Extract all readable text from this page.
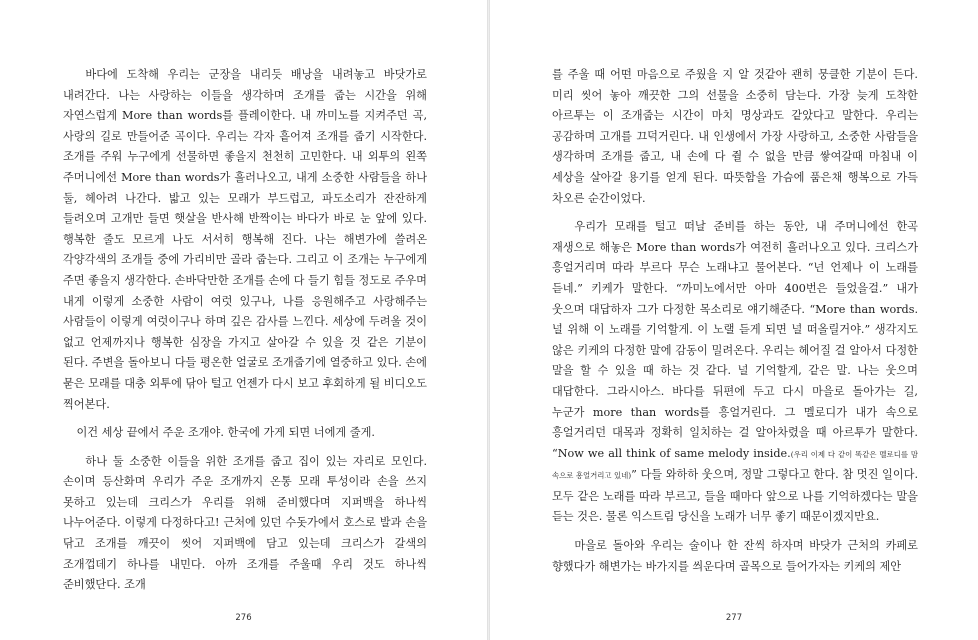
바다에 도착해 우리는 군장을 내리듯 배낭을 내려놓고 바닷가로 내려간다. 나는 사랑하는 이들을 생각하며 조개를 줍는 시간을 위해 자연스럽게 More than words를 플레이한다. 내 까미노를 지켜주던 곡, 사랑의 길로 만들어준 곡이다. 우리는 각자 흩어져 조개를 줍기 시작한다. 조개를 주워 누구에게 선물하면 좋을지 천천히 고민한다. 내 외투의 왼쪽 주머니에선 More than words가 흘러나오고, 내게 소중한 사람들을 하나 둘, 헤아려 나간다. 밟고 있는 모래가 부드럽고, 파도소리가 잔잔하게 들려오며 고개만 들면 햇살을 반사해 반짝이는 바다가 바로 눈 앞에 있다. 행복한 줄도 모르게 나도 서서히 행복해 진다. 나는 해변가에 쓸려온 각양각색의 조개들 중에 가리비만 골라 줍는다. 그리고 이 조개는 누구에게 주면 좋을지 생각한다. 손바닥만한 조개를 손에 다 들기 힘들 정도로 주우며 내게 이렇게 소중한 사람이 여럿 있구나, 나를 응원해주고 사랑해주는 사람들이 이렇게 여럿이구나 하며 깊은 감사를 느낀다. 세상에 두려울 것이 없고 언제까지나 행복한 심장을 가지고 살아갈 수 있을 것 같은 기분이 된다. 주변을 돌아보니 다들 평온한 얼굴로 조개줍기에 열중하고 있다. 손에 묻은 모래를 대충 외투에 닦아 털고 언젠가 다시 보고 후회하게 될 비디오도 찍어본다.

이건 세상 끝에서 주운 조개야. 한국에 가게 되면 너에게 줄게.

하나 둘 소중한 이들을 위한 조개를 줍고 집이 있는 자리로 모인다. 손이며 등산화며 우리가 주운 조개까지 온통 모래 투성이라 손을 쓰지 못하고 있는데 크리스가 우리를 위해 준비했다며 지퍼백을 하나씩 나누어준다. 이렇게 다정하다고! 근처에 있던 수돗가에서 호스로 발과 손을 닦고 조개를 깨끗이 씻어 지퍼백에 담고 있는데 크리스가 갈색의 조개껍데기 하나를 내민다. 아까 조개를 주울때 우리 것도 하나씩 준비했단다. 조개

276

를 주울 때 어떤 마음으로 주웠을 지 알 것같아 괜히 뭉클한 기분이 든다. 미리 씻어 놓아 깨끗한 그의 선물을 소중히 담는다. 가장 늦게 도착한 아르투는 이 조개줍는 시간이 마치 명상과도 같았다고 말한다. 우리는 공감하며 고개를 끄덕거린다. 내 인생에서 가장 사랑하고, 소중한 사람들을 생각하며 조개를 줍고, 내 손에 다 쥘 수 없을 만큼 쌓여갈때 마침내 이 세상을 살아갈 용기를 얻게 된다. 따뜻함을 가슴에 품은채 행복으로 가득 차오른 순간이었다.

우리가 모래를 털고 떠날 준비를 하는 동안, 내 주머니에선 한곡 재생으로 해놓은 More than words가 여전히 흘러나오고 있다. 크리스가 흥얼거리며 따라 부르다 무슨 노래냐고 물어본다. “넌 언제나 이 노래를 듣네.” 키케가 말한다. “까미노에서만 아마 400번은 들었을걸.” 내가 웃으며 대답하자 그가 다정한 목소리로 얘기해준다. “More than words. 널 위해 이 노래를 기억할게. 이 노랠 듣게 되면 널 떠올릴거야.” 생각지도 않은 키케의 다정한 말에 감동이 밀려온다. 우리는 헤어질 걸 알아서 다정한 말을 할 수 있을 때 하는 것 같다. 널 기억할게, 같은 말. 나는 웃으며 대답한다. 그라시아스. 바다를 뒤편에 두고 다시 마을로 돌아가는 길, 누군가 more than words를 흥얼거린다. 그 멜로디가 내가 속으로 흥얼거리던 대목과 정확히 일치하는 걸 알아차렸을 때 아르투가 말한다. “Now we all think of same melody inside.(우리 이제 다 같이 똑같은 멜로디를 맘 속으로 흥얼거리고 있네)” 다들 와하하 웃으며, 정말 그렇다고 한다. 참 멋진 일이다. 모두 같은 노래를 따라 부르고, 들을 때마다 앞으로 나를 기억하겠다는 말을 듣는 것은. 물론 익스트림 당신을 노래가 너무 좋기 때문이겠지만요.

마을로 돌아와 우리는 술이나 한 잔씩 하자며 바닷가 근처의 카페로 향했다가 해변가는 바가지를 씌운다며 골목으로 들어가자는 키케의 제안

277
